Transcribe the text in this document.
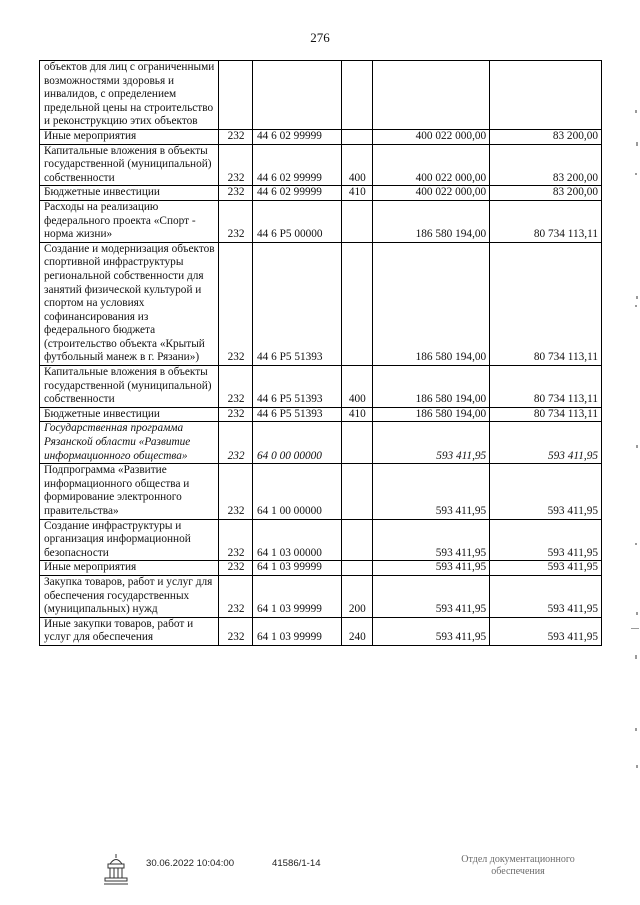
276
объектов для лиц с ограниченными возможностями здоровья и инвалидов, с определением предельной цены на строительство и реконструкцию этих объектов					
Иные мероприятия	232	44 6 02 99999		400 022 000,00	83 200,00
Капитальные вложения в объекты государственной (муниципальной) собственности	232	44 6 02 99999	400	400 022 000,00	83 200,00
Бюджетные инвестиции	232	44 6 02 99999	410	400 022 000,00	83 200,00
Расходы на реализацию федерального проекта «Спорт - норма жизни»	232	44 6 P5 00000		186 580 194,00	80 734 113,11
Создание и модернизация объектов спортивной инфраструктуры региональной собственности для занятий физической культурой и спортом на условиях софинансирования из федерального бюджета (строительство объекта «Крытый футбольный манеж в г. Рязани»)	232	44 6 P5 51393		186 580 194,00	80 734 113,11
Капитальные вложения в объекты государственной (муниципальной) собственности	232	44 6 P5 51393	400	186 580 194,00	80 734 113,11
Бюджетные инвестиции	232	44 6 P5 51393	410	186 580 194,00	80 734 113,11
Государственная программа Рязанской области «Развитие информационного общества»	232	64 0 00 00000		593 411,95	593 411,95
Подпрограмма «Развитие информационного общества и формирование электронного правительства»	232	64 1 00 00000		593 411,95	593 411,95
Создание инфраструктуры и организация информационной безопасности	232	64 1 03 00000		593 411,95	593 411,95
Иные мероприятия	232	64 1 03 99999		593 411,95	593 411,95
Закупка товаров, работ и услуг для обеспечения государственных (муниципальных) нужд	232	64 1 03 99999	200	593 411,95	593 411,95
Иные закупки товаров, работ и услуг для обеспечения	232	64 1 03 99999	240	593 411,95	593 411,95
30.06.2022 10:04:00	41586/1-14	Отдел документационного обеспечения
